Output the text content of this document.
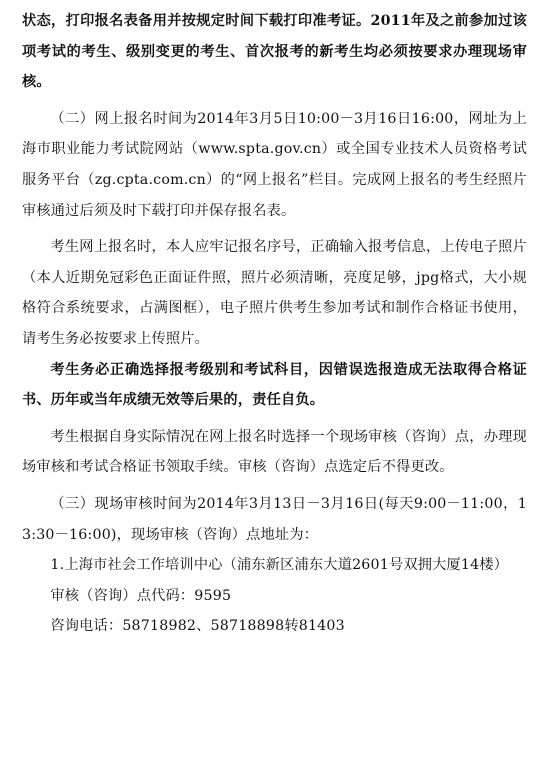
状态，打印报名表备用并按规定时间下载打印准考证。2011年及之前参加过该项考试的考生、级别变更的考生、首次报考的新考生均必须按要求办理现场审核。

（二）网上报名时间为2014年3月5日10:00－3月16日16:00，网址为上海市职业能力考试院网站（www.spta.gov.cn）或全国专业技术人员资格考试服务平台（zg.cpta.com.cn）的“网上报名”栏目。完成网上报名的考生经照片审核通过后须及时下载打印并保存报名表。

考生网上报名时，本人应牢记报名序号，正确输入报考信息，上传电子照片（本人近期免冠彩色正面证件照，照片必须清晰，亮度足够，jpg格式，大小规格符合系统要求，占满图框），电子照片供考生参加考试和制作合格证书使用，请考生务必按要求上传照片。

考生务必正确选择报考级别和考试科目，因错误选报造成无法取得合格证书、历年或当年成绩无效等后果的，责任自负。

考生根据自身实际情况在网上报名时选择一个现场审核（咨询）点，办理现场审核和考试合格证书领取手续。审核（咨询）点选定后不得更改。

（三）现场审核时间为2014年3月13日－3月16日(每天9:00－11:00，13:30－16:00)，现场审核（咨询）点地址为：

1.上海市社会工作培训中心（浦东新区浦东大道2601号双拥大厦14楼）

审核（咨询）点代码：9595

咨询电话：58718982、58718898转81403
